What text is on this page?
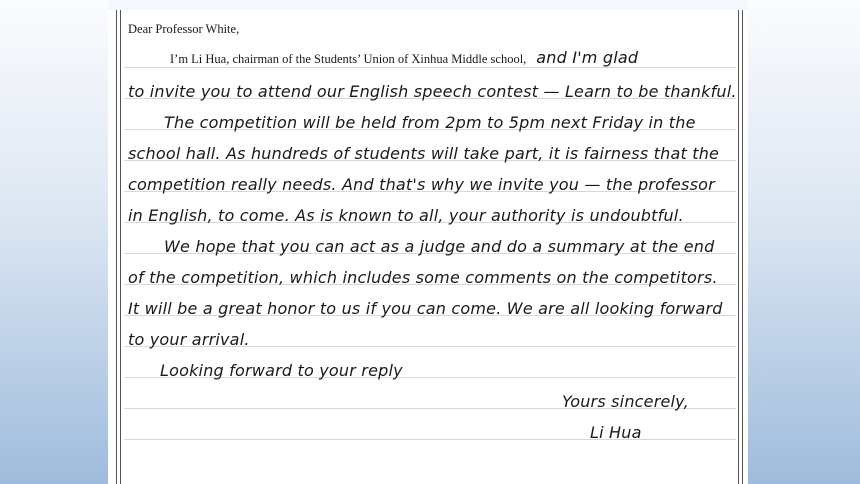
Dear Professor White,
I’m Li Hua, chairman of the Students’ Union of Xinhua Middle school, and I'm glad
to invite you to attend our English speech contest — Learn to be thankful.
The competition will be held from 2pm to 5pm next Friday in the
school hall. As hundreds of students will take part, it is fairness that the
competition really needs. And that's why we invite you — the professor
in English, to come. As is known to all, your authority is undoubtful.
We hope that you can act as a judge and do a summary at the end
of the competition, which includes some comments on the competitors.
It will be a great honor to us if you can come. We are all looking forward
to your arrival.
Looking forward to your reply
Yours sincerely,
Li Hua
